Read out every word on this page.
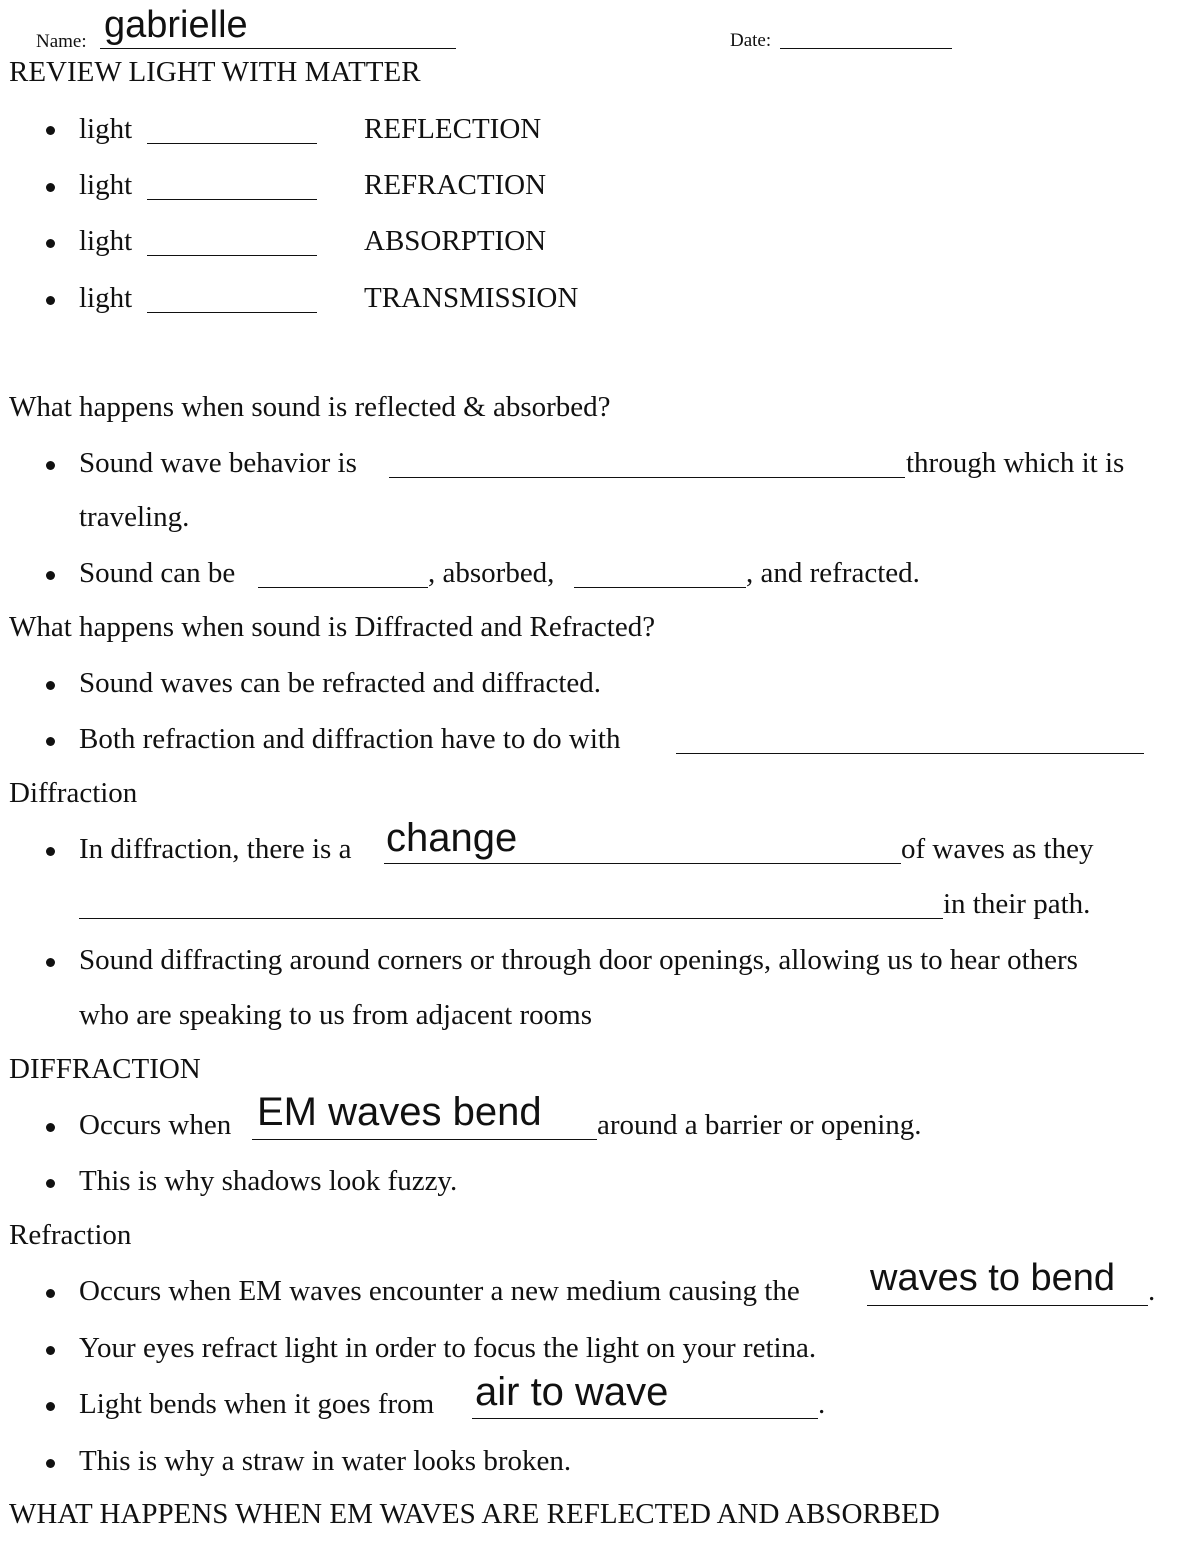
Name: gabrielle	Date:
REVIEW LIGHT WITH MATTER
light	REFLECTION
light	REFRACTION
light	ABSORPTION
light	TRANSMISSION
What happens when sound is reflected & absorbed?
Sound wave behavior is	through which it is
traveling.
Sound can be	, absorbed,	, and refracted.
What happens when sound is Diffracted and Refracted?
Sound waves can be refracted and diffracted.
Both refraction and diffraction have to do with
Diffraction
In diffraction, there is a change	of waves as they
in their path.
Sound diffracting around corners or through door openings, allowing us to hear others
who are speaking to us from adjacent rooms
DIFFRACTION
Occurs when EM waves bend around a barrier or opening.
This is why shadows look fuzzy.
Refraction
Occurs when EM waves encounter a new medium causing the waves to bend .
Your eyes refract light in order to focus the light on your retina.
Light bends when it goes from air to wave	.
This is why a straw in water looks broken.
WHAT HAPPENS WHEN EM WAVES ARE REFLECTED AND ABSORBED
